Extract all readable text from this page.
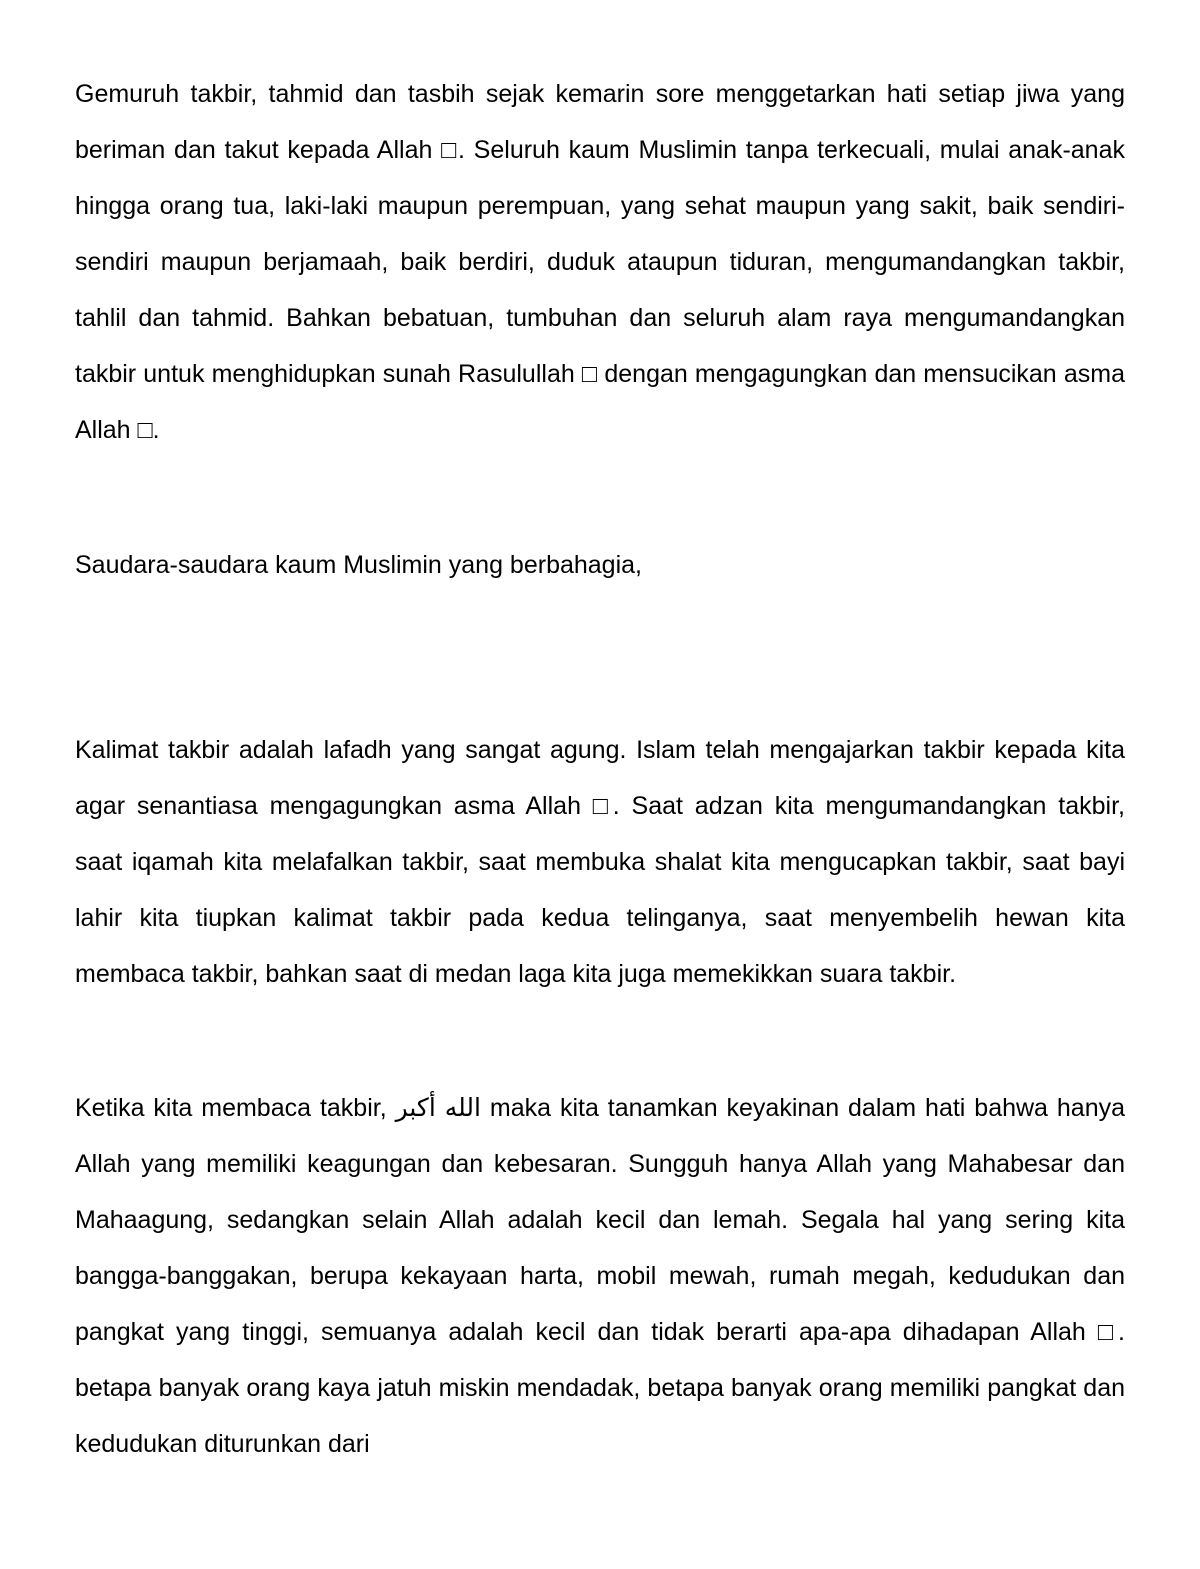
Gemuruh takbir, tahmid dan tasbih sejak kemarin sore menggetarkan hati setiap jiwa yang beriman dan takut kepada Allah □. Seluruh kaum Muslimin tanpa terkecuali, mulai anak-anak hingga orang tua, laki-laki maupun perempuan, yang sehat maupun yang sakit, baik sendiri-sendiri maupun berjamaah, baik berdiri, duduk ataupun tiduran, mengumandangkan takbir, tahlil dan tahmid. Bahkan bebatuan, tumbuhan dan seluruh alam raya mengumandangkan takbir untuk menghidupkan sunah Rasulullah □ dengan mengagungkan dan mensucikan asma Allah □.

Saudara-saudara kaum Muslimin yang berbahagia,

Kalimat takbir adalah lafadh yang sangat agung. Islam telah mengajarkan takbir kepada kita agar senantiasa mengagungkan asma Allah □. Saat adzan kita mengumandangkan takbir, saat iqamah kita melafalkan takbir, saat membuka shalat kita mengucapkan takbir, saat bayi lahir kita tiupkan kalimat takbir pada kedua telinganya, saat menyembelih hewan kita membaca takbir, bahkan saat di medan laga kita juga memekikkan suara takbir.

Ketika kita membaca takbir, الله أكبر maka kita tanamkan keyakinan dalam hati bahwa hanya Allah yang memiliki keagungan dan kebesaran. Sungguh hanya Allah yang Mahabesar dan Mahaagung, sedangkan selain Allah adalah kecil dan lemah. Segala hal yang sering kita bangga-banggakan, berupa kekayaan harta, mobil mewah, rumah megah, kedudukan dan pangkat yang tinggi, semuanya adalah kecil dan tidak berarti apa-apa dihadapan Allah □. betapa banyak orang kaya jatuh miskin mendadak, betapa banyak orang memiliki pangkat dan kedudukan diturunkan dari
